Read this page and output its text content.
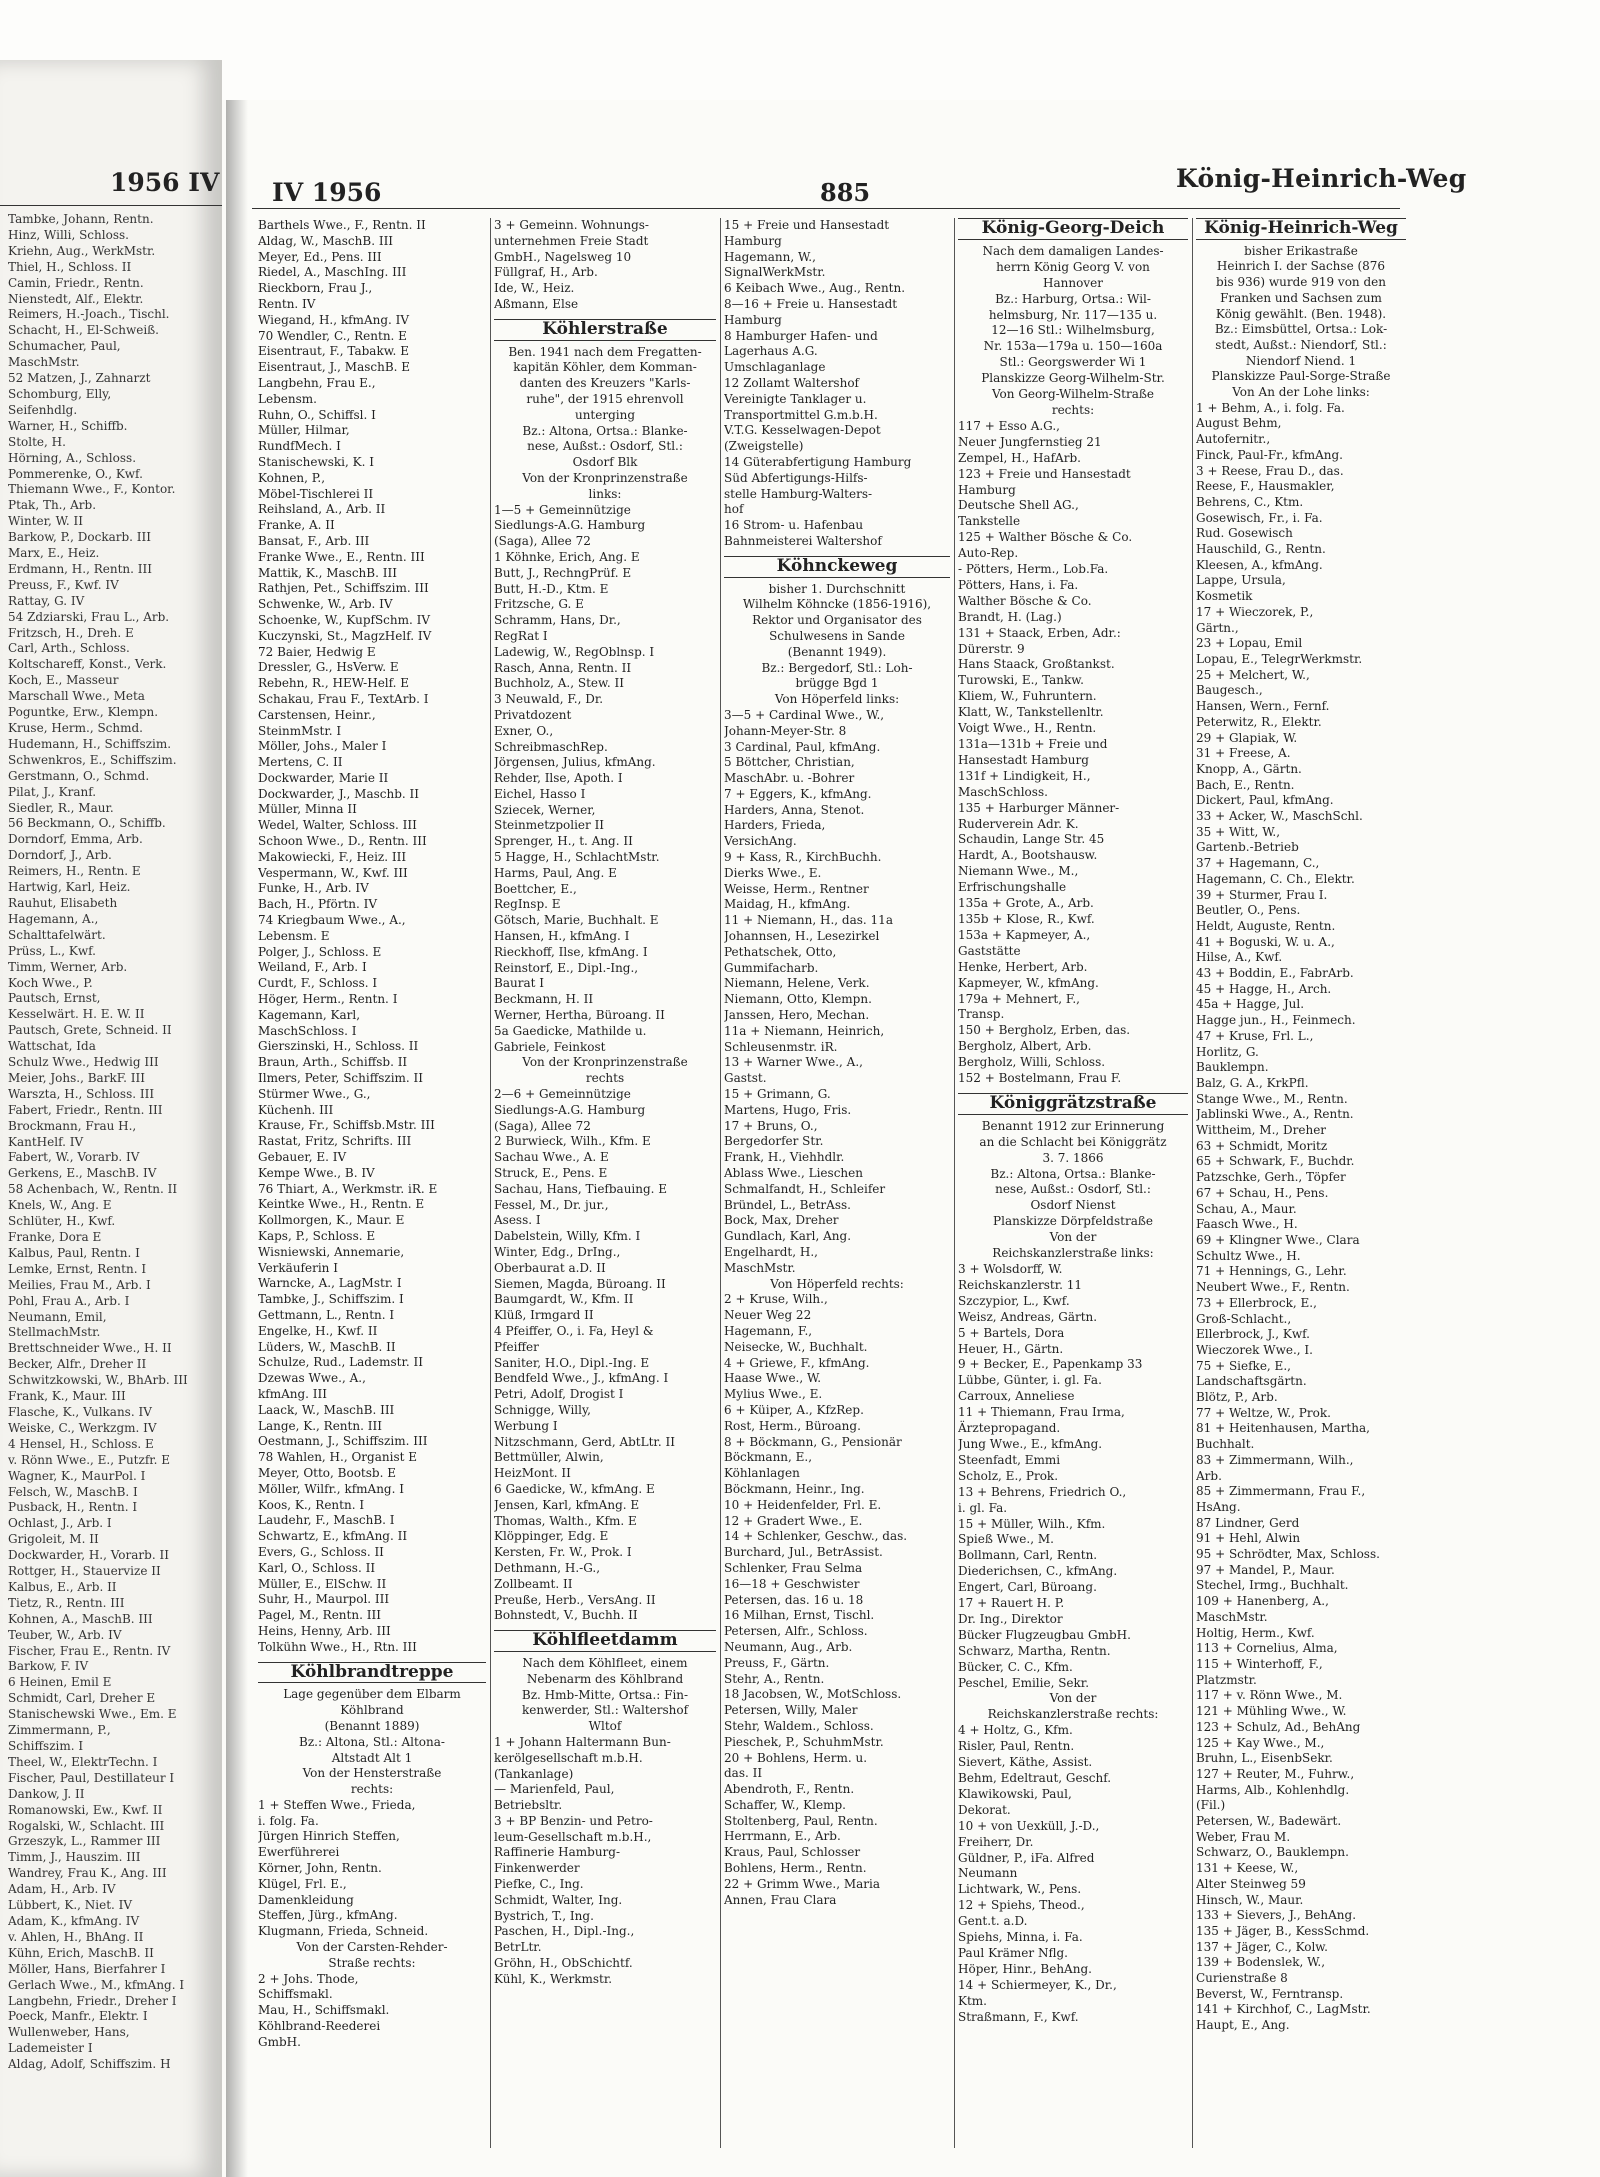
1956 IV IV 1956	885	König-Heinrich-Weg
Tambke, Johann, Rentn.
Hinz, Willi, Schloss.
Kriehn, Aug., WerkMstr.
Thiel, H., Schloss. II
Camin, Friedr., Rentn.
Nienstedt, Alf., Elektr.
Reimers, H.-Joach., Tischl.
Schacht, H., El-Schweiß.
Schumacher, Paul,
MaschMstr.
52 Matzen, J., Zahnarzt
Schomburg, Elly,
Seifenhdlg.
Warner, H., Schiffb.
Stolte, H.
Hörning, A., Schloss.
Pommerenke, O., Kwf.
Thiemann Wwe., F., Kontor.
Ptak, Th., Arb.
Winter, W. II
Barkow, P., Dockarb. III
Marx, E., Heiz.
Erdmann, H., Rentn. III
Preuss, F., Kwf. IV
Rattay, G. IV
54 Zdziarski, Frau L., Arb.
Fritzsch, H., Dreh. E
Carl, Arth., Schloss.
Koltschareff, Konst., Verk.
Koch, E., Masseur
Marschall Wwe., Meta
Poguntke, Erw., Klempn.
Kruse, Herm., Schmd.
Hudemann, H., Schiffszim.
Schwenkros, E., Schiffszim.
Gerstmann, O., Schmd.
Pilat, J., Kranf.
Siedler, R., Maur.
56 Beckmann, O., Schiffb.
Dorndorf, Emma, Arb.
Dorndorf, J., Arb.
Reimers, H., Rentn. E
Hartwig, Karl, Heiz.
Rauhut, Elisabeth
Hagemann, A.,
Schalttafelwärt.
Prüss, L., Kwf.
Timm, Werner, Arb.
Koch Wwe., P.
Pautsch, Ernst,
Kesselwärt. H. E. W. II
Pautsch, Grete, Schneid. II
Wattschat, Ida
Schulz Wwe., Hedwig III
Meier, Johs., BarkF. III
Warszta, H., Schloss. III
Fabert, Friedr., Rentn. III
Brockmann, Frau H.,
KantHelf. IV
Fabert, W., Vorarb. IV
Gerkens, E., MaschB. IV
58 Achenbach, W., Rentn. II
Knels, W., Ang. E
Schlüter, H., Kwf.
Franke, Dora E
Kalbus, Paul, Rentn. I
Lemke, Ernst, Rentn. I
Meilies, Frau M., Arb. I
Pohl, Frau A., Arb. I
Neumann, Emil,
StellmachMstr.
Brettschneider Wwe., H. II
Becker, Alfr., Dreher II
Schwitzkowski, W., BhArb. III
Frank, K., Maur. III
Flasche, K., Vulkans. IV
Weiske, C., Werkzgm. IV
4 Hensel, H., Schloss. E
v. Rönn Wwe., E., Putzfr. E
Wagner, K., MaurPol. I
Felsch, W., MaschB. I
Pusback, H., Rentn. I
Ochlast, J., Arb. I
Grigoleit, M. II
Dockwarder, H., Vorarb. II
Rottger, H., Stauervize II
Kalbus, E., Arb. II
Tietz, R., Rentn. III
Kohnen, A., MaschB. III
Teuber, W., Arb. IV
Fischer, Frau E., Rentn. IV
Barkow, F. IV
6 Heinen, Emil E
Schmidt, Carl, Dreher E
Stanischewski Wwe., Em. E
Zimmermann, P.,
Schiffszim. I
Theel, W., ElektrTechn. I
Fischer, Paul, Destillateur I
Dankow, J. II
Romanowski, Ew., Kwf. II
Rogalski, W., Schlacht. III
Grzeszyk, L., Rammer III
Timm, J., Hauszim. III
Wandrey, Frau K., Ang. III
Adam, H., Arb. IV
Lübbert, K., Niet. IV
Adam, K., kfmAng. IV
v. Ahlen, H., BhAng. II
Kühn, Erich, MaschB. II
Möller, Hans, Bierfahrer I
Gerlach Wwe., M., kfmAng. I
Langbehn, Friedr., Dreher I
Poeck, Manfr., Elektr. I
Wullenweber, Hans,
Lademeister I
Aldag, Adolf, Schiffszim. H
Barthels Wwe., F., Rentn. II
Aldag, W., MaschB. III
Meyer, Ed., Pens. III
Riedel, A., MaschIng. III
Rieckborn, Frau J.,
Rentn. IV
Wiegand, H., kfmAng. IV
70 Wendler, C., Rentn. E
Eisentraut, F., Tabakw. E
Eisentraut, J., MaschB. E
Langbehn, Frau E.,
Lebensm.
Ruhn, O., Schiffsl. I
Müller, Hilmar,
RundfMech. I
Stanischewski, K. I
Kohnen, P.,
Möbel-Tischlerei II
Reihsland, A., Arb. II
Franke, A. II
Bansat, F., Arb. III
Franke Wwe., E., Rentn. III
Mattik, K., MaschB. III
Rathjen, Pet., Schiffszim. III
Schwenke, W., Arb. IV
Schoenke, W., KupfSchm. IV
Kuczynski, St., MagzHelf. IV
72 Baier, Hedwig E
Dressler, G., HsVerw. E
Rebehn, R., HEW-Helf. E
Schakau, Frau F., TextArb. I
Carstensen, Heinr.,
SteinmMstr. I
Möller, Johs., Maler I
Mertens, C. II
Dockwarder, Marie II
Dockwarder, J., Maschb. II
Müller, Minna II
Wedel, Walter, Schloss. III
Schoon Wwe., D., Rentn. III
Makowiecki, F., Heiz. III
Vespermann, W., Kwf. III
Funke, H., Arb. IV
Bach, H., Pförtn. IV
74 Kriegbaum Wwe., A.,
Lebensm. E
Polger, J., Schloss. E
Weiland, F., Arb. I
Curdt, F., Schloss. I
Höger, Herm., Rentn. I
Kagemann, Karl,
MaschSchloss. I
Gierszinski, H., Schloss. II
Braun, Arth., Schiffsb. II
Ilmers, Peter, Schiffszim. II
Stürmer Wwe., G.,
Küchenh. III
Krause, Fr., Schiffsb.Mstr. III
Rastat, Fritz, Schrifts. III
Gebauer, E. IV
Kempe Wwe., B. IV
76 Thiart, A., Werkmstr. iR. E
Keintke Wwe., H., Rentn. E
Kollmorgen, K., Maur. E
Kaps, P., Schloss. E
Wisniewski, Annemarie,
Verkäuferin I
Warncke, A., LagMstr. I
Tambke, J., Schiffszim. I
Gettmann, L., Rentn. I
Engelke, H., Kwf. II
Lüders, W., MaschB. II
Schulze, Rud., Lademstr. II
Dzewas Wwe., A.,
kfmAng. III
Laack, W., MaschB. III
Lange, K., Rentn. III
Oestmann, J., Schiffszim. III
78 Wahlen, H., Organist E
Meyer, Otto, Bootsb. E
Möller, Wilfr., kfmAng. I
Koos, K., Rentn. I
Laudehr, F., MaschB. I
Schwartz, E., kfmAng. II
Evers, G., Schloss. II
Karl, O., Schloss. II
Müller, E., ElSchw. II
Suhr, H., Maurpol. III
Pagel, M., Rentn. III
Heins, Henny, Arb. III
Tolkühn Wwe., H., Rtn. III
Köhlbrandtreppe
Lage gegenüber dem Elbarm
Köhlbrand
(Benannt 1889)
Bz.: Altona, Stl.: Altona-
Altstadt Alt 1
Von der Hensterstraße
rechts:
1 + Steffen Wwe., Frieda,
i. folg. Fa.
Jürgen Hinrich Steffen,
Ewerführerei
Körner, John, Rentn.
Klügel, Frl. E.,
Damenkleidung
Steffen, Jürg., kfmAng.
Klugmann, Frieda, Schneid.
Von der Carsten-Rehder-
Straße rechts:
2 + Johs. Thode,
Schiffsmakl.
Mau, H., Schiffsmakl.
Köhlbrand-Reederei
GmbH.
3 + Gemeinn. Wohnungs-
unternehmen Freie Stadt
GmbH., Nagelsweg 10
Füllgraf, H., Arb.
Ide, W., Heiz.
Aßmann, Else
Köhlerstraße
Ben. 1941 nach dem Fregatten-
kapitän Köhler, dem Komman-
danten des Kreuzers "Karls-
ruhe", der 1915 ehrenvoll
unterging
Bz.: Altona, Ortsa.: Blanke-
nese, Außst.: Osdorf, Stl.:
Osdorf Blk
Von der Kronprinzenstraße
links:
1—5 + Gemeinnützige
Siedlungs-A.G. Hamburg
(Saga), Allee 72
1 Köhnke, Erich, Ang. E
Butt, J., RechngPrüf. E
Butt, H.-D., Ktm. E
Fritzsche, G. E
Schramm, Hans, Dr.,
RegRat I
Ladewig, W., RegOblnsp. I
Rasch, Anna, Rentn. II
Buchholz, A., Stew. II
3 Neuwald, F., Dr.
Privatdozent
Exner, O.,
SchreibmaschRep.
Jörgensen, Julius, kfmAng.
Rehder, Ilse, Apoth. I
Eichel, Hasso I
Sziecek, Werner,
Steinmetzpolier II
Sprenger, H., t. Ang. II
5 Hagge, H., SchlachtMstr.
Harms, Paul, Ang. E
Boettcher, E.,
RegInsp. E
Götsch, Marie, Buchhalt. E
Hansen, H., kfmAng. I
Rieckhoff, Ilse, kfmAng. I
Reinstorf, E., Dipl.-Ing.,
Baurat I
Beckmann, H. II
Werner, Hertha, Büroang. II
5a Gaedicke, Mathilde u.
Gabriele, Feinkost
Von der Kronprinzenstraße
rechts
2—6 + Gemeinnützige
Siedlungs-A.G. Hamburg
(Saga), Allee 72
2 Burwieck, Wilh., Kfm. E
Sachau Wwe., A. E
Struck, E., Pens. E
Sachau, Hans, Tiefbauing. E
Fessel, M., Dr. jur.,
Asess. I
Dabelstein, Willy, Kfm. I
Winter, Edg., DrIng.,
Oberbaurat a.D. II
Siemen, Magda, Büroang. II
Baumgardt, W., Kfm. II
Klüß, Irmgard II
4 Pfeiffer, O., i. Fa, Heyl &
Pfeiffer
Saniter, H.O., Dipl.-Ing. E
Bendfeld Wwe., J., kfmAng. I
Petri, Adolf, Drogist I
Schnigge, Willy,
Werbung I
Nitzschmann, Gerd, AbtLtr. II
Bettmüller, Alwin,
HeizMont. II
6 Gaedicke, W., kfmAng. E
Jensen, Karl, kfmAng. E
Thomas, Walth., Kfm. E
Klöppinger, Edg. E
Kersten, Fr. W., Prok. I
Dethmann, H.-G.,
Zollbeamt. II
Preuße, Herb., VersAng. II
Bohnstedt, V., Buchh. II
Köhlfleetdamm
Nach dem Köhlfleet, einem
Nebenarm des Köhlbrand
Bz. Hmb-Mitte, Ortsa.: Fin-
kenwerder, Stl.: Waltershof
Wltof
1 + Johann Haltermann Bun-
kerölgesellschaft m.b.H.
(Tankanlage)
— Marienfeld, Paul,
Betriebsltr.
3 + BP Benzin- und Petro-
leum-Gesellschaft m.b.H.,
Raffinerie Hamburg-
Finkenwerder
Piefke, C., Ing.
Schmidt, Walter, Ing.
Bystrich, T., Ing.
Paschen, H., Dipl.-Ing.,
BetrLtr.
Gröhn, H., ObSchichtf.
Kühl, K., Werkmstr.
15 + Freie und Hansestadt
Hamburg
Hagemann, W.,
SignalWerkMstr.
6 Keibach Wwe., Aug., Rentn.
8—16 + Freie u. Hansestadt
Hamburg
8 Hamburger Hafen- und
Lagerhaus A.G.
Umschlaganlage
12 Zollamt Waltershof
Vereinigte Tanklager u.
Transportmittel G.m.b.H.
V.T.G. Kesselwagen-Depot
(Zweigstelle)
14 Güterabfertigung Hamburg
Süd Abfertigungs-Hilfs-
stelle Hamburg-Walters-
hof
16 Strom- u. Hafenbau
Bahnmeisterei Waltershof
Köhnckeweg
bisher 1. Durchschnitt
Wilhelm Köhncke (1856-1916),
Rektor und Organisator des
Schulwesens in Sande
(Benannt 1949).
Bz.: Bergedorf, Stl.: Loh-
brügge Bgd 1
Von Höperfeld links:
3—5 + Cardinal Wwe., W.,
Johann-Meyer-Str. 8
3 Cardinal, Paul, kfmAng.
5 Böttcher, Christian,
MaschAbr. u. -Bohrer
7 + Eggers, K., kfmAng.
Harders, Anna, Stenot.
Harders, Frieda,
VersichAng.
9 + Kass, R., KirchBuchh.
Dierks Wwe., E.
Weisse, Herm., Rentner
Maidag, H., kfmAng.
11 + Niemann, H., das. 11a
Johannsen, H., Lesezirkel
Pethatschek, Otto,
Gummifacharb.
Niemann, Helene, Verk.
Niemann, Otto, Klempn.
Janssen, Hero, Mechan.
11a + Niemann, Heinrich,
Schleusenmstr. iR.
13 + Warner Wwe., A.,
Gastst.
15 + Grimann, G.
Martens, Hugo, Fris.
17 + Bruns, O.,
Bergedorfer Str.
Frank, H., Viehhdlr.
Ablass Wwe., Lieschen
Schmalfandt, H., Schleifer
Bründel, L., BetrAss.
Bock, Max, Dreher
Gundlach, Karl, Ang.
Engelhardt, H.,
MaschMstr.
Von Höperfeld rechts:
2 + Kruse, Wilh.,
Neuer Weg 22
Hagemann, F.,
Neisecke, W., Buchhalt.
4 + Griewe, F., kfmAng.
Haase Wwe., W.
Mylius Wwe., E.
6 + Küiper, A., KfzRep.
Rost, Herm., Büroang.
8 + Böckmann, G., Pensionär
Böckmann, E.,
Köhlanlagen
Böckmann, Heinr., Ing.
10 + Heidenfelder, Frl. E.
12 + Gradert Wwe., E.
14 + Schlenker, Geschw., das.
Burchard, Jul., BetrAssist.
Schlenker, Frau Selma
16—18 + Geschwister
Petersen, das. 16 u. 18
16 Milhan, Ernst, Tischl.
Petersen, Alfr., Schloss.
Neumann, Aug., Arb.
Preuss, F., Gärtn.
Stehr, A., Rentn.
18 Jacobsen, W., MotSchloss.
Petersen, Willy, Maler
Stehr, Waldem., Schloss.
Pieschek, P., SchuhmMstr.
20 + Bohlens, Herm. u.
das. II
Abendroth, F., Rentn.
Schaffer, W., Klemp.
Stoltenberg, Paul, Rentn.
Herrmann, E., Arb.
Kraus, Paul, Schlosser
Bohlens, Herm., Rentn.
22 + Grimm Wwe., Maria
Annen, Frau Clara
König-Georg-Deich
Nach dem damaligen Landes-
herrn König Georg V. von
Hannover
Bz.: Harburg, Ortsa.: Wil-
helmsburg, Nr. 117—135 u.
12—16 Stl.: Wilhelmsburg,
Nr. 153a—179a u. 150—160a
Stl.: Georgswerder Wi 1
Planskizze Georg-Wilhelm-Str.
Von Georg-Wilhelm-Straße
rechts:
117 + Esso A.G.,
Neuer Jungfernstieg 21
Zempel, H., HafArb.
123 + Freie und Hansestadt
Hamburg
Deutsche Shell AG.,
Tankstelle
125 + Walther Bösche & Co.
Auto-Rep.
- Pötters, Herm., Lob.Fa.
Pötters, Hans, i. Fa.
Walther Bösche & Co.
Brandt, H. (Lag.)
131 + Staack, Erben, Adr.:
Dürerstr. 9
Hans Staack, Großtankst.
Turowski, E., Tankw.
Kliem, W., Fuhruntern.
Klatt, W., Tankstellenltr.
Voigt Wwe., H., Rentn.
131a—131b + Freie und
Hansestadt Hamburg
131f + Lindigkeit, H.,
MaschSchloss.
135 + Harburger Männer-
Ruderverein Adr. K.
Schaudin, Lange Str. 45
Hardt, A., Bootshausw.
Niemann Wwe., M.,
Erfrischungshalle
135a + Grote, A., Arb.
135b + Klose, R., Kwf.
153a + Kapmeyer, A.,
Gaststätte
Henke, Herbert, Arb.
Kapmeyer, W., kfmAng.
179a + Mehnert, F.,
Transp.
150 + Bergholz, Erben, das.
Bergholz, Albert, Arb.
Bergholz, Willi, Schloss.
152 + Bostelmann, Frau F.
Königgrätzstraße
Benannt 1912 zur Erinnerung
an die Schlacht bei Königgrätz
3. 7. 1866
Bz.: Altona, Ortsa.: Blanke-
nese, Außst.: Osdorf, Stl.:
Osdorf Nienst
Planskizze Dörpfeldstraße
Von der
Reichskanzlerstraße links:
3 + Wolsdorff, W.
Reichskanzlerstr. 11
Szczypior, L., Kwf.
Weisz, Andreas, Gärtn.
5 + Bartels, Dora
Heuer, H., Gärtn.
9 + Becker, E., Papenkamp 33
Lübbe, Günter, i. gl. Fa.
Carroux, Anneliese
11 + Thiemann, Frau Irma,
Ärztepropagand.
Jung Wwe., E., kfmAng.
Steenfadt, Emmi
Scholz, E., Prok.
13 + Behrens, Friedrich O.,
i. gl. Fa.
15 + Müller, Wilh., Kfm.
Spieß Wwe., M.
Bollmann, Carl, Rentn.
Diederichsen, C., kfmAng.
Engert, Carl, Büroang.
17 + Rauert H. P.
Dr. Ing., Direktor
Bücker Flugzeugbau GmbH.
Schwarz, Martha, Rentn.
Bücker, C. C., Kfm.
Peschel, Emilie, Sekr.
Von der
Reichskanzlerstraße rechts:
4 + Holtz, G., Kfm.
Risler, Paul, Rentn.
Sievert, Käthe, Assist.
Behm, Edeltraut, Geschf.
Klawikowski, Paul,
Dekorat.
10 + von Uexküll, J.-D.,
Freiherr, Dr.
Güldner, P., iFa. Alfred
Neumann
Lichtwark, W., Pens.
12 + Spiehs, Theod.,
Gent.t. a.D.
Spiehs, Minna, i. Fa.
Paul Krämer Nflg.
Höper, Hinr., BehAng.
14 + Schiermeyer, K., Dr.,
Ktm.
Straßmann, F., Kwf.
König-Heinrich-Weg
bisher Erikastraße
Heinrich I. der Sachse (876
bis 936) wurde 919 von den
Franken und Sachsen zum
König gewählt. (Ben. 1948).
Bz.: Eimsbüttel, Ortsa.: Lok-
stedt, Außst.: Niendorf, Stl.:
Niendorf Niend. 1
Planskizze Paul-Sorge-Straße
Von An der Lohe links:
1 + Behm, A., i. folg. Fa.
August Behm,
Autofernitr.,
Finck, Paul-Fr., kfmAng.
3 + Reese, Frau D., das.
Reese, F., Hausmakler,
Behrens, C., Ktm.
Gosewisch, Fr., i. Fa.
Rud. Gosewisch
Hauschild, G., Rentn.
Kleesen, A., kfmAng.
Lappe, Ursula,
Kosmetik
17 + Wieczorek, P.,
Gärtn.,
23 + Lopau, Emil
Lopau, E., TelegrWerkmstr.
25 + Melchert, W.,
Baugesch.,
Hansen, Wern., Fernf.
Peterwitz, R., Elektr.
29 + Glapiak, W.
31 + Freese, A.
Knopp, A., Gärtn.
Bach, E., Rentn.
Dickert, Paul, kfmAng.
33 + Acker, W., MaschSchl.
35 + Witt, W.,
Gartenb.-Betrieb
37 + Hagemann, C.,
Hagemann, C. Ch., Elektr.
39 + Sturmer, Frau I.
Beutler, O., Pens.
Heldt, Auguste, Rentn.
41 + Boguski, W. u. A.,
Hilse, A., Kwf.
43 + Boddin, E., FabrArb.
45 + Hagge, H., Arch.
45a + Hagge, Jul.
Hagge jun., H., Feinmech.
47 + Kruse, Frl. L.,
Horlitz, G.
Bauklempn.
Balz, G. A., KrkPfl.
Stange Wwe., M., Rentn.
Jablinski Wwe., A., Rentn.
Wittheim, M., Dreher
63 + Schmidt, Moritz
65 + Schwark, F., Buchdr.
Patzschke, Gerh., Töpfer
67 + Schau, H., Pens.
Schau, A., Maur.
Faasch Wwe., H.
69 + Klingner Wwe., Clara
Schultz Wwe., H.
71 + Hennings, G., Lehr.
Neubert Wwe., F., Rentn.
73 + Ellerbrock, E.,
Groß-Schlacht.,
Ellerbrock, J., Kwf.
Wieczorek Wwe., I.
75 + Siefke, E.,
Landschaftsgärtn.
Blötz, P., Arb.
77 + Weltze, W., Prok.
81 + Heitenhausen, Martha,
Buchhalt.
83 + Zimmermann, Wilh.,
Arb.
85 + Zimmermann, Frau F.,
HsAng.
87 Lindner, Gerd
91 + Hehl, Alwin
95 + Schrödter, Max, Schloss.
97 + Mandel, P., Maur.
Stechel, Irmg., Buchhalt.
109 + Hanenberg, A.,
MaschMstr.
Holtig, Herm., Kwf.
113 + Cornelius, Alma,
115 + Winterhoff, F.,
Platzmstr.
117 + v. Rönn Wwe., M.
121 + Mühling Wwe., W.
123 + Schulz, Ad., BehAng
125 + Kay Wwe., M.,
Bruhn, L., EisenbSekr.
127 + Reuter, M., Fuhrw.,
Harms, Alb., Kohlenhdlg.
(Fil.)
Petersen, W., Badewärt.
Weber, Frau M.
Schwarz, O., Bauklempn.
131 + Keese, W.,
Alter Steinweg 59
Hinsch, W., Maur.
133 + Sievers, J., BehAng.
135 + Jäger, B., KessSchmd.
137 + Jäger, C., Kolw.
139 + Bodenslek, W.,
Curienstraße 8
Beverst, W., Ferntransp.
141 + Kirchhof, C., LagMstr.
Haupt, E., Ang.
